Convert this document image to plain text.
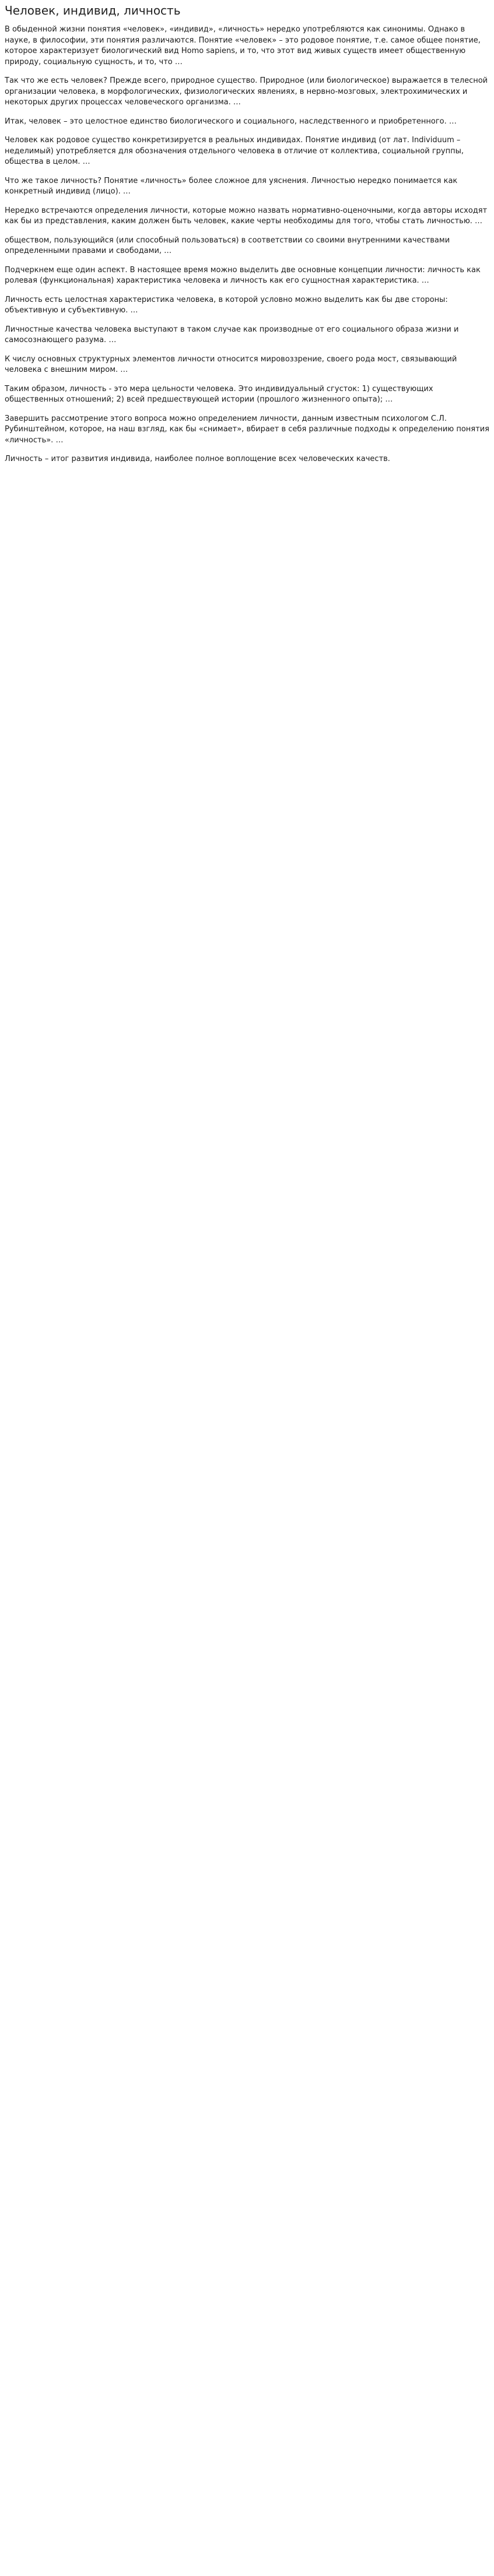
Человек, индивид, личность

В обыденной жизни понятия «человек», «индивид», «личность» нередко употребляются как синонимы. Однако в науке, в философии, эти понятия различаются. Понятие «человек» – это родовое понятие, т.е. самое общее понятие, которое характеризует биологический вид Homo sapiens, и то, что этот вид живых существ имеет общественную природу, социальную сущность, и то, что …

Так что же есть человек? Прежде всего, природное существо. Природное (или биологическое) выражается в телесной организации человека, в морфологических, физиологических явлениях, в нервно-мозговых, электрохимических и некоторых других процессах человеческого организма. …

Итак, человек – это целостное единство биологического и социального, наследственного и приобретенного. …

Человек как родовое существо конкретизируется в реальных индивидах. Понятие индивид (от лат. Individuum – неделимый) употребляется для обозначения отдельного человека в отличие от коллектива, социальной группы, общества в целом. …

Что же такое личность? Понятие «личность» более сложное для уяснения. Личностью нередко понимается как конкретный индивид (лицо). …

Нередко встречаются определения личности, которые можно назвать нормативно-оценочными, когда авторы исходят как бы из представления, каким должен быть человек, какие черты необходимы для того, чтобы стать личностью. …

обществом, пользующийся (или способный пользоваться) в соответствии со своими внутренними качествами определенными правами и свободами, …

Подчеркнем еще один аспект. В настоящее время можно выделить две основные концепции личности: личность как ролевая (функциональная) характеристика человека и личность как его сущностная характеристика. …

Личность есть целостная характеристика человека, в которой условно можно выделить как бы две стороны: объективную и субъективную. …

Личностные качества человека выступают в таком случае как производные от его социального образа жизни и самосознающего разума. …

К числу основных структурных элементов личности относится мировоззрение, своего рода мост, связывающий человека с внешним миром. …

Таким образом, личность - это мера цельности человека. Это индивидуальный сгусток: 1) существующих общественных отношений; 2) всей предшествующей истории (прошлого жизненного опыта); …

Завершить рассмотрение этого вопроса можно определением личности, данным известным психологом С.Л. Рубинштейном, которое, на наш взгляд, как бы «снимает», вбирает в себя различные подходы к определению понятия «личность». …

Личность – итог развития индивида, наиболее полное воплощение всех человеческих качеств.
